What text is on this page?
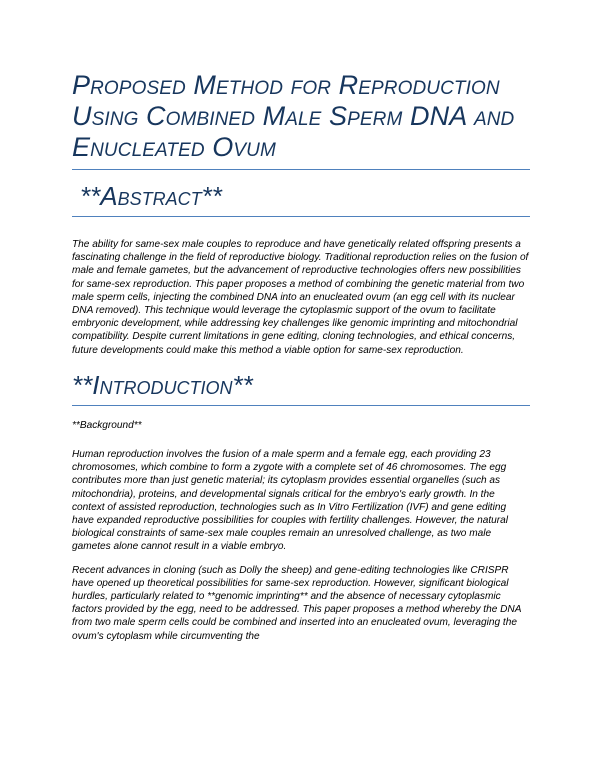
Proposed Method for Reproduction Using Combined Male Sperm DNA and Enucleated Ovum
**Abstract**

The ability for same-sex male couples to reproduce and have genetically related offspring presents a fascinating challenge in the field of reproductive biology. Traditional reproduction relies on the fusion of male and female gametes, but the advancement of reproductive technologies offers new possibilities for same-sex reproduction. This paper proposes a method of combining the genetic material from two male sperm cells, injecting the combined DNA into an enucleated ovum (an egg cell with its nuclear DNA removed). This technique would leverage the cytoplasmic support of the ovum to facilitate embryonic development, while addressing key challenges like genomic imprinting and mitochondrial compatibility. Despite current limitations in gene editing, cloning technologies, and ethical concerns, future developments could make this method a viable option for same-sex reproduction.

**Introduction**

**Background**

Human reproduction involves the fusion of a male sperm and a female egg, each providing 23 chromosomes, which combine to form a zygote with a complete set of 46 chromosomes. The egg contributes more than just genetic material; its cytoplasm provides essential organelles (such as mitochondria), proteins, and developmental signals critical for the embryo's early growth. In the context of assisted reproduction, technologies such as In Vitro Fertilization (IVF) and gene editing have expanded reproductive possibilities for couples with fertility challenges. However, the natural biological constraints of same-sex male couples remain an unresolved challenge, as two male gametes alone cannot result in a viable embryo.

Recent advances in cloning (such as Dolly the sheep) and gene-editing technologies like CRISPR have opened up theoretical possibilities for same-sex reproduction. However, significant biological hurdles, particularly related to **genomic imprinting** and the absence of necessary cytoplasmic factors provided by the egg, need to be addressed. This paper proposes a method whereby the DNA from two male sperm cells could be combined and inserted into an enucleated ovum, leveraging the ovum's cytoplasm while circumventing the
